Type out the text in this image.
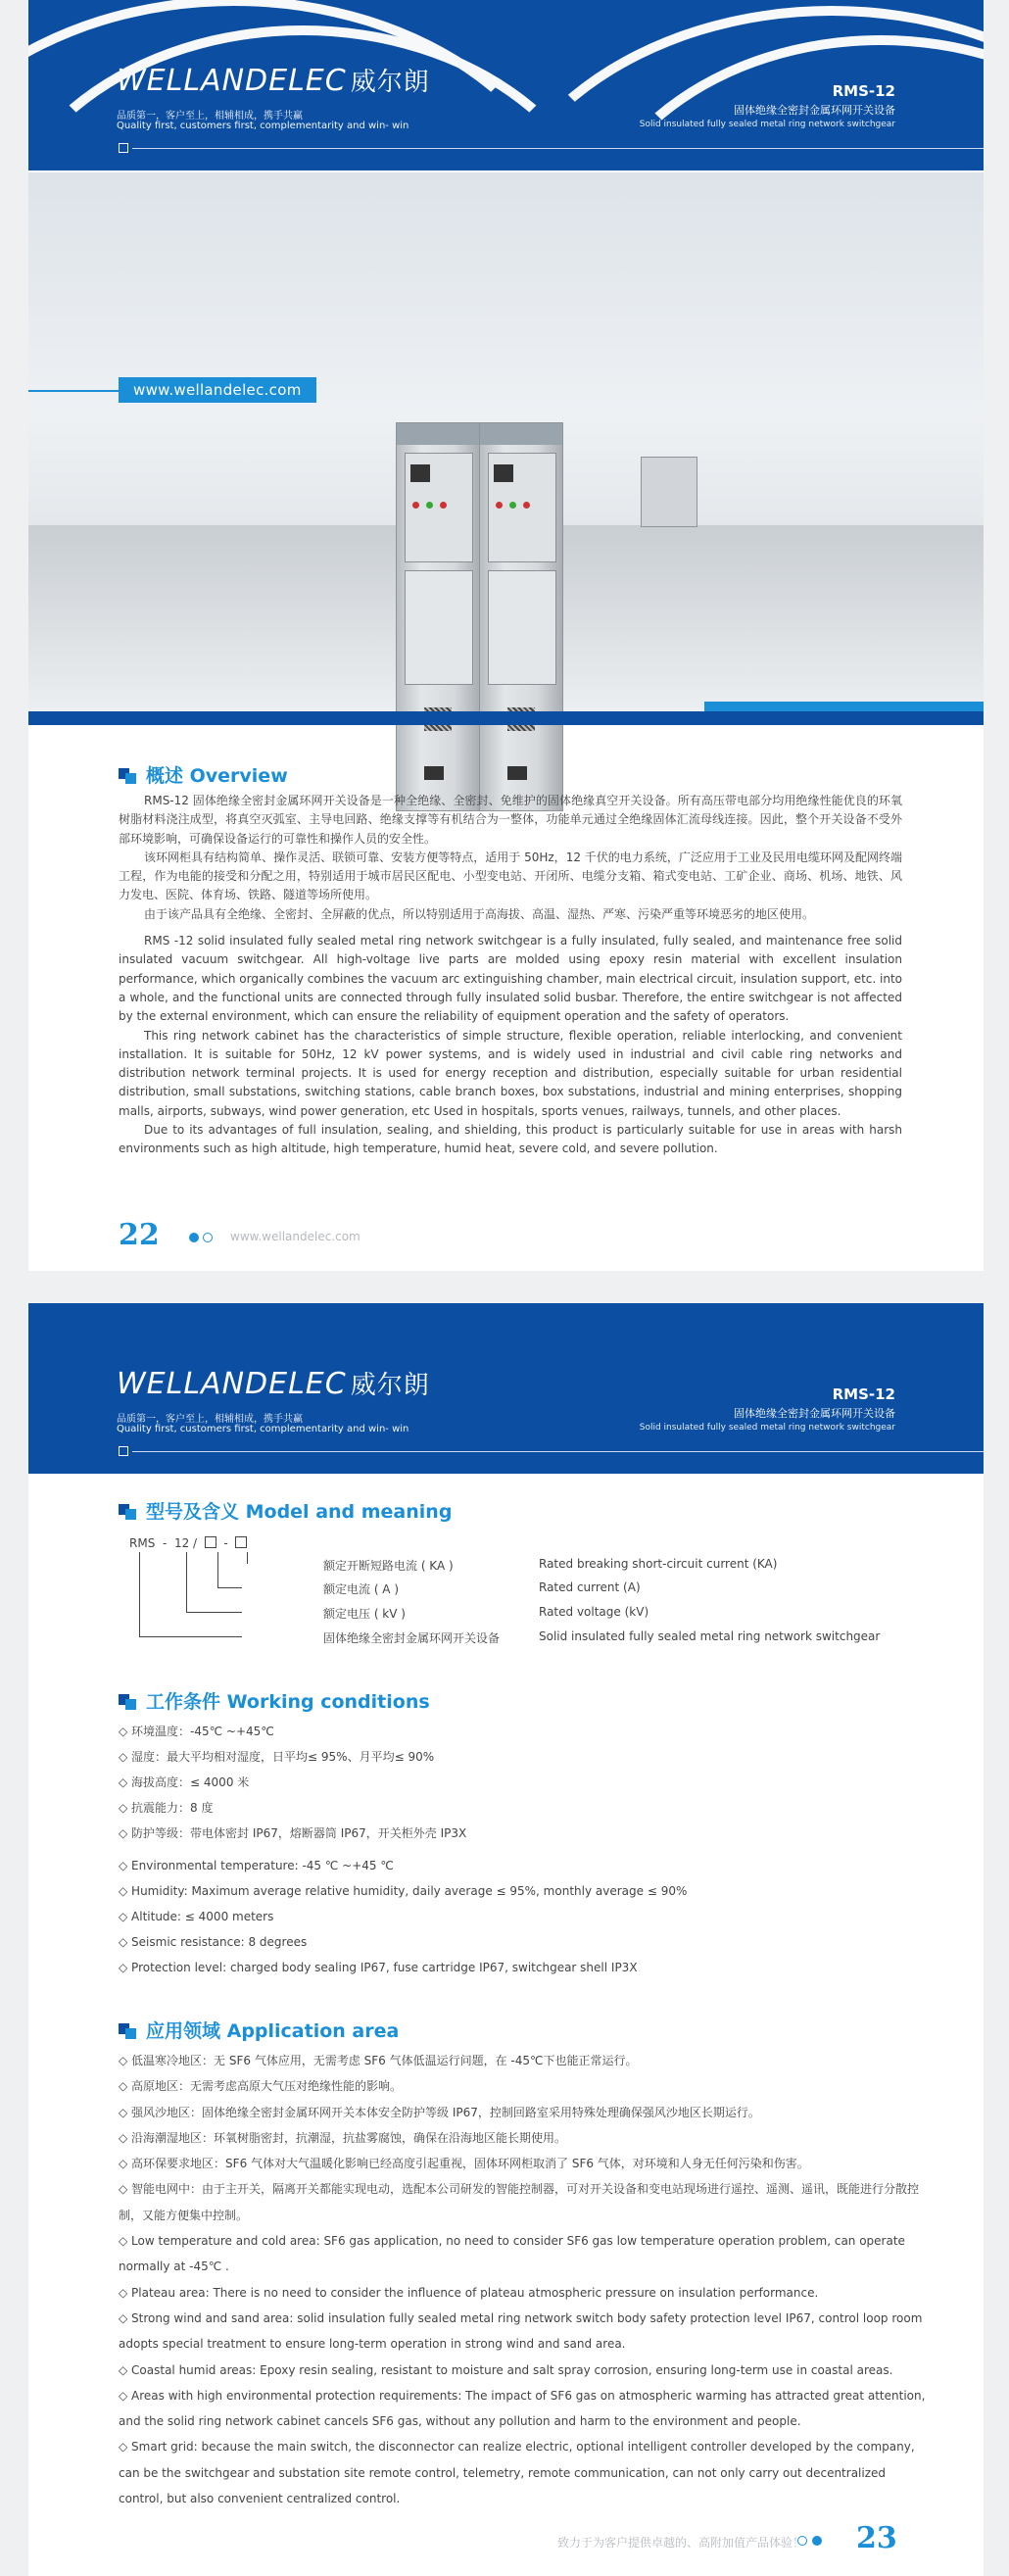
WELLANDELEC 威尔朗
品质第一，客户至上，相辅相成，携手共赢
Quality first, customers first, complementarity and win- win
RMS-12
固体绝缘全密封金属环网开关设备
Solid insulated fully sealed metal ring network switchgear
www.wellandelec.com
概述 Overview

RMS-12 固体绝缘全密封金属环网开关设备是一种全绝缘、全密封、免维护的固体绝缘真空开关设备。所有高压带电部分均用绝缘性能优良的环氧树脂材料浇注成型，将真空灭弧室、主导电回路、绝缘支撑等有机结合为一整体，功能单元通过全绝缘固体汇流母线连接。因此，整个开关设备不受外部环境影响，可确保设备运行的可靠性和操作人员的安全性。

该环网柜具有结构简单、操作灵活、联锁可靠、安装方便等特点，适用于 50Hz，12 千伏的电力系统，广泛应用于工业及民用电缆环网及配网终端工程，作为电能的接受和分配之用，特别适用于城市居民区配电、小型变电站、开闭所、电缆分支箱、箱式变电站、工矿企业、商场、机场、地铁、风力发电、医院、体育场、铁路、隧道等场所使用。

由于该产品具有全绝缘、全密封、全屏蔽的优点，所以特别适用于高海拔、高温、湿热、严寒、污染严重等环境恶劣的地区使用。

RMS -12 solid insulated fully sealed metal ring network switchgear is a fully insulated, fully sealed, and maintenance free solid insulated vacuum switchgear. All high-voltage live parts are molded using epoxy resin material with excellent insulation performance, which organically combines the vacuum arc extinguishing chamber, main electrical circuit, insulation support, etc. into a whole, and the functional units are connected through fully insulated solid busbar. Therefore, the entire switchgear is not affected by the external environment, which can ensure the reliability of equipment operation and the safety of operators.

This ring network cabinet has the characteristics of simple structure, flexible operation, reliable interlocking, and convenient installation. It is suitable for 50Hz, 12 kV power systems, and is widely used in industrial and civil cable ring networks and distribution network terminal projects. It is used for energy reception and distribution, especially suitable for urban residential distribution, small substations, switching stations, cable branch boxes, box substations, industrial and mining enterprises, shopping malls, airports, subways, wind power generation, etc Used in hospitals, sports venues, railways, tunnels, and other places.

Due to its advantages of full insulation, sealing, and shielding, this product is particularly suitable for use in areas with harsh environments such as high altitude, high temperature, humid heat, severe cold, and severe pollution.

22	www.wellandelec.com
WELLANDELEC 威尔朗
品质第一，客户至上，相辅相成，携手共赢
Quality first, customers first, complementarity and win- win
RMS-12
固体绝缘全密封金属环网开关设备
Solid insulated fully sealed metal ring network switchgear
型号及含义 Model and meaning
RMS - 12 / -
额定开断短路电流 ( KA )	Rated breaking short-circuit current (KA)
额定电流 ( A )	Rated current (A)
额定电压 ( kV )	Rated voltage (kV)
固体绝缘全密封金属环网开关设备	Solid insulated fully sealed metal ring network switchgear
工作条件 Working conditions
◇ 环境温度：-45℃ ~+45℃
◇ 湿度：最大平均相对湿度，日平均≤ 95%、月平均≤ 90%
◇ 海拔高度：≤ 4000 米
◇ 抗震能力：8 度
◇ 防护等级：带电体密封 IP67，熔断器筒 IP67，开关柜外壳 IP3X
◇ Environmental temperature: -45 ℃ ~+45 ℃
◇ Humidity: Maximum average relative humidity, daily average ≤ 95%, monthly average ≤ 90%
◇ Altitude: ≤ 4000 meters
◇ Seismic resistance: 8 degrees
◇ Protection level: charged body sealing IP67, fuse cartridge IP67, switchgear shell IP3X
应用领域 Application area
◇ 低温寒冷地区：无 SF6 气体应用，无需考虑 SF6 气体低温运行问题，在 -45℃下也能正常运行。
◇ 高原地区：无需考虑高原大气压对绝缘性能的影响。
◇ 强风沙地区：固体绝缘全密封金属环网开关本体安全防护等级 IP67，控制回路室采用特殊处理确保强风沙地区长期运行。
◇ 沿海潮湿地区：环氧树脂密封，抗潮湿，抗盐雾腐蚀，确保在沿海地区能长期使用。
◇ 高环保要求地区：SF6 气体对大气温暖化影响已经高度引起重视，固体环网柜取消了 SF6 气体，对环境和人身无任何污染和伤害。
◇ 智能电网中：由于主开关，隔离开关都能实现电动，选配本公司研发的智能控制器，可对开关设备和变电站现场进行遥控、遥测、遥讯，既能进行分散控制，又能方便集中控制。
◇ Low temperature and cold area: SF6 gas application, no need to consider SF6 gas low temperature operation problem, can operate normally at -45℃ .
◇ Plateau area: There is no need to consider the influence of plateau atmospheric pressure on insulation performance.
◇ Strong wind and sand area: solid insulation fully sealed metal ring network switch body safety protection level IP67, control loop room adopts special treatment to ensure long-term operation in strong wind and sand area.
◇ Coastal humid areas: Epoxy resin sealing, resistant to moisture and salt spray corrosion, ensuring long-term use in coastal areas.
◇ Areas with high environmental protection requirements: The impact of SF6 gas on atmospheric warming has attracted great attention, and the solid ring network cabinet cancels SF6 gas, without any pollution and harm to the environment and people.
◇ Smart grid: because the main switch, the disconnector can realize electric, optional intelligent controller developed by the company, can be the switchgear and substation site remote control, telemetry, remote communication, can not only carry out decentralized control, but also convenient centralized control.
致力于为客户提供卓越的、高附加值产品体验！ 23
